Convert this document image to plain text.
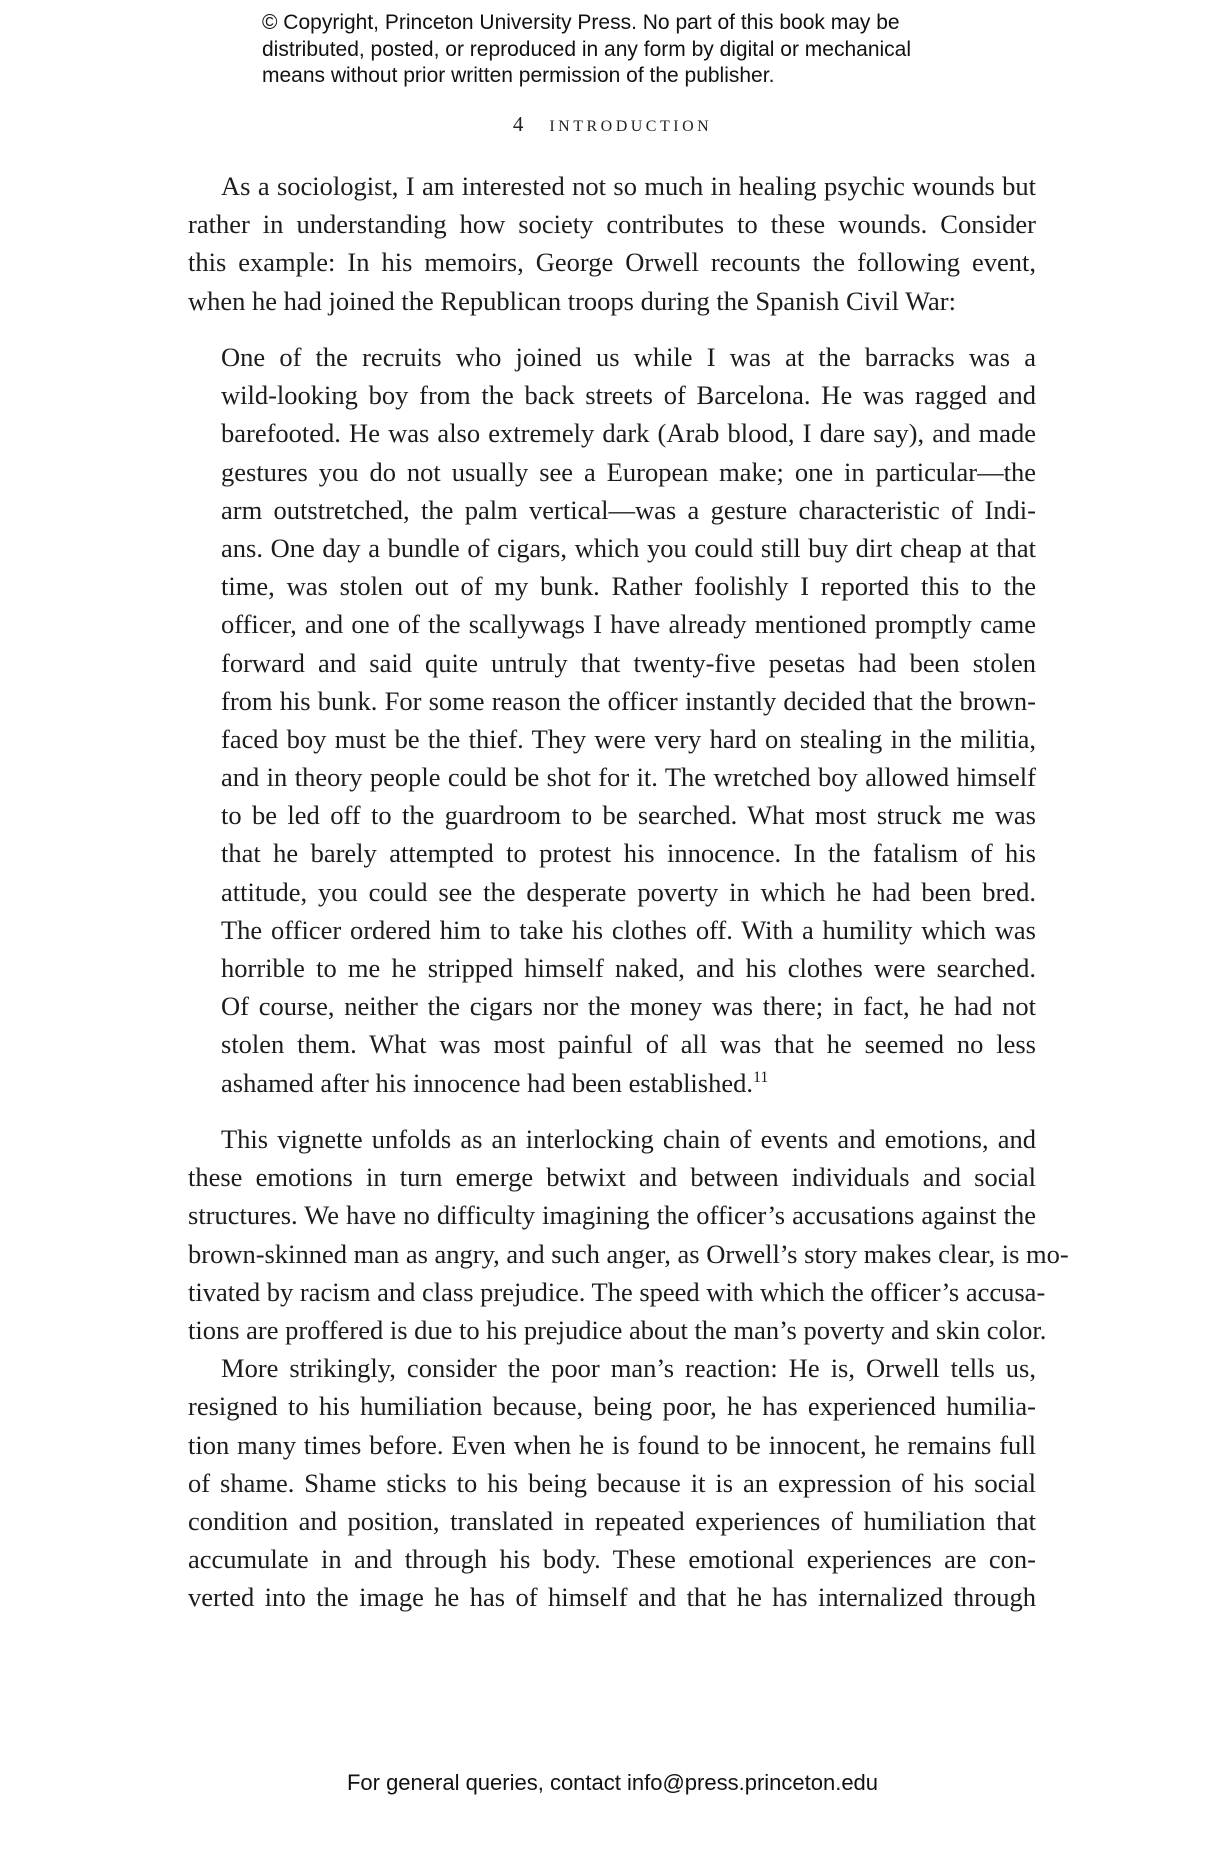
© Copyright, Princeton University Press. No part of this book may be
distributed, posted, or reproduced in any form by digital or mechanical
means without prior written permission of the publisher.
4 INTRODUCTION
As a sociologist, I am interested not so much in healing psychic wounds but
rather in understanding how society contributes to these wounds. Consider
this example: In his memoirs, George Orwell recounts the following event,
when he had joined the Republican troops during the Spanish Civil War:
One of the recruits who joined us while I was at the barracks was a
wild-looking boy from the back streets of Barcelona. He was ragged and
barefooted. He was also extremely dark (Arab blood, I dare say), and made
gestures you do not usually see a European make; one in particular—the
arm outstretched, the palm vertical—was a gesture characteristic of Indi-
ans. One day a bundle of cigars, which you could still buy dirt cheap at that
time, was stolen out of my bunk. Rather foolishly I reported this to the
officer, and one of the scallywags I have already mentioned promptly came
forward and said quite untruly that twenty-five pesetas had been stolen
from his bunk. For some reason the officer instantly decided that the brown-
faced boy must be the thief. They were very hard on stealing in the militia,
and in theory people could be shot for it. The wretched boy allowed himself
to be led off to the guardroom to be searched. What most struck me was
that he barely attempted to protest his innocence. In the fatalism of his
attitude, you could see the desperate poverty in which he had been bred.
The officer ordered him to take his clothes off. With a humility which was
horrible to me he stripped himself naked, and his clothes were searched.
Of course, neither the cigars nor the money was there; in fact, he had not
stolen them. What was most painful of all was that he seemed no less
ashamed after his innocence had been established.$^{11}$
This vignette unfolds as an interlocking chain of events and emotions, and
these emotions in turn emerge betwixt and between individuals and social
structures. We have no difficulty imagining the officer’s accusations against the
brown-skinned man as angry, and such anger, as Orwell’s story makes clear, is mo-
tivated by racism and class prejudice. The speed with which the officer’s accusa-
tions are proffered is due to his prejudice about the man’s poverty and skin color.
More strikingly, consider the poor man’s reaction: He is, Orwell tells us,
resigned to his humiliation because, being poor, he has experienced humilia-
tion many times before. Even when he is found to be innocent, he remains full
of shame. Shame sticks to his being because it is an expression of his social
condition and position, translated in repeated experiences of humiliation that
accumulate in and through his body. These emotional experiences are con-
verted into the image he has of himself and that he has internalized through
For general queries, contact info@press.princeton.edu
